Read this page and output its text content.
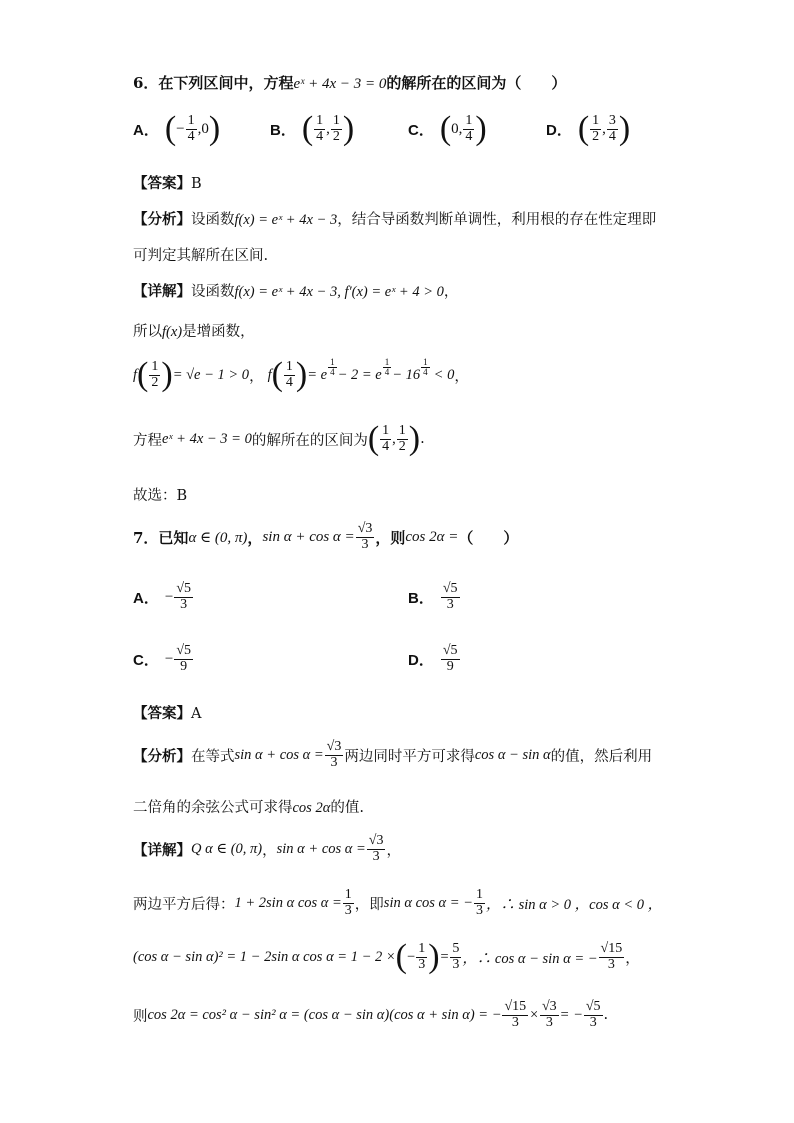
6．在下列区间中，方程eˣ + 4x − 3 = 0的解所在的区间为（　　）
A． ( − $\frac{1}{4}$ , 0 )	B． ( $\frac{1}{4}$ , $\frac{1}{2}$ )	C． ( 0 , $\frac{1}{4}$ )	D． ( $\frac{1}{2}$ , $\frac{3}{4}$ )
【答案】B
【分析】设函数f(x) = eˣ + 4x − 3，结合导函数判断单调性，利用根的存在性定理即
可判定其解所在区间.
【详解】设函数f(x) = eˣ + 4x − 3, f′(x) = eˣ + 4 > 0，
所以f(x)是增函数，
f ( $\frac{1}{2}$ ) = √e − 1 > 0 ， f ( $\frac{1}{4}$ ) = e $\frac{1}{4} - 2 = e \frac{1}{4} - 16 \frac{1}{4} < 0$ ，
方程 eˣ + 4x − 3 = 0 的解所在的区间为 ( $\frac{1}{4}$ , $\frac{1}{2}$ ) .
故选：B
7．已知 α ∈ (0, π) ， $\sin \alpha + \cos \alpha = \frac{√3}{3}$ ，则 cos 2α = （　　）
A． − $\frac{√5}{3}$	B． $\frac{√5}{3}$
C． − $\frac{√5}{9}$	D． $\frac{√5}{9}$
【答案】A
【分析】 在等式 $\sin \alpha + \cos \alpha = \frac{√3}{3}$ 两边同时平方可求得 cos α − sin α 的值，然后利用
二倍角的余弦公式可求得cos 2α的值.
【详解】 Q α ∈ (0, π) ， $\sin \alpha + \cos \alpha = \frac{√3}{3}$ ，
两边平方后得： 1 + 2sin α $\cos \alpha = \frac{1}{3}$ ，即 sin α cos α = − $\frac{1}{3}$ ，∴ sin α > 0 ，cos α < 0 ，
(cos α − sin α)² = 1 − 2sin α cos α = 1 − 2 × ( − $\frac{1}{3}$ ) = $\frac{5}{3}$ ，∴ cos α − sin α = − $\frac{√15}{3}$ ，
则 cos 2α = cos² α − sin² α = (cos α − sin α)(cos α + sin α) = − $\frac{√15}{3} \times \frac{√3}{3}$ = − $\frac{√5}{3}$ .
